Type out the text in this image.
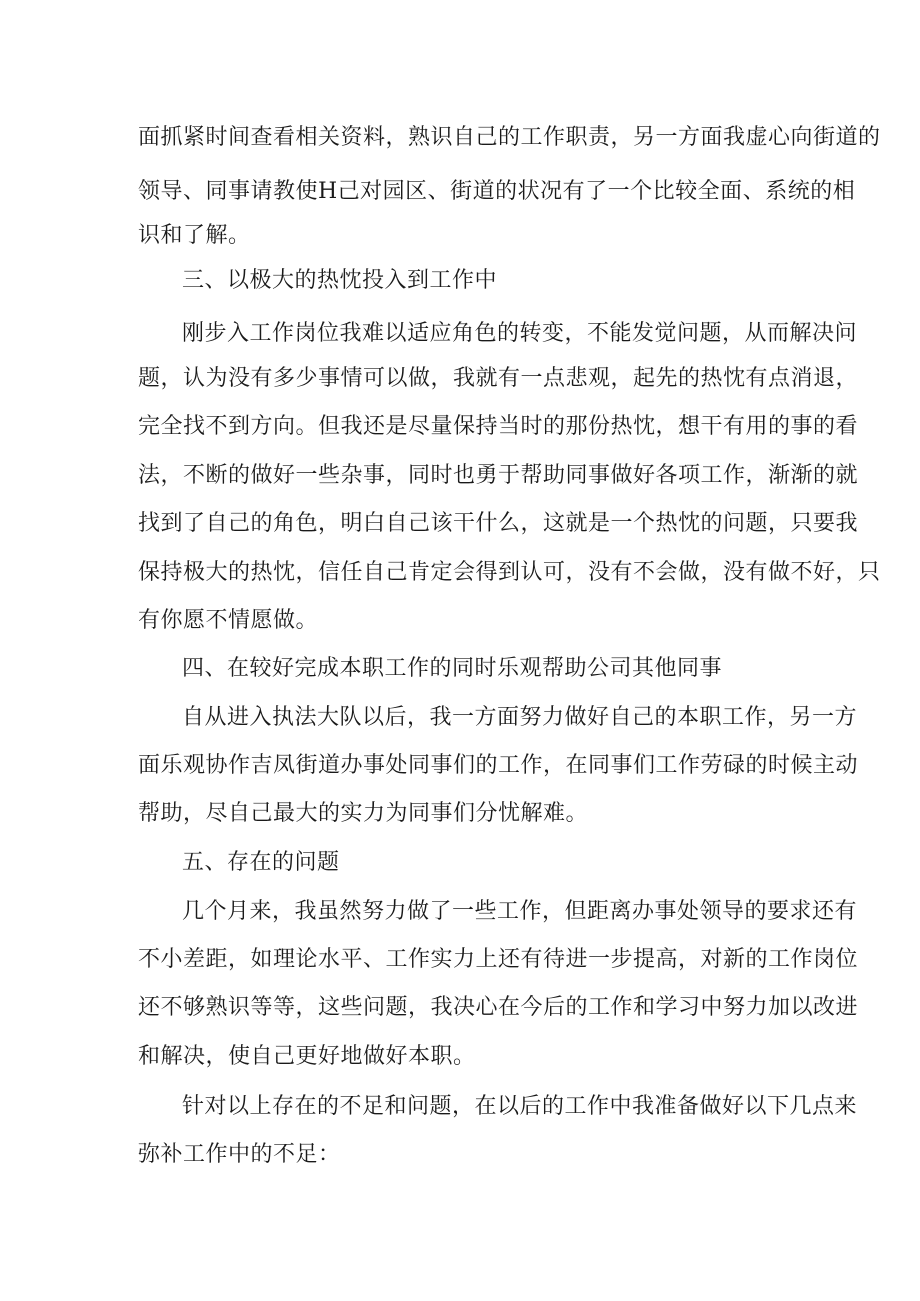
面抓紧时间查看相关资料，熟识自己的工作职责，另一方面我虚心向街道的
领导、同事请教使H己对园区、街道的状况有了一个比较全面、系统的相
识和了解。
三、以极大的热忱投入到工作中
刚步入工作岗位我难以适应角色的转变，不能发觉问题，从而解决问
题，认为没有多少事情可以做，我就有一点悲观，起先的热忱有点消退，
完全找不到方向。但我还是尽量保持当时的那份热忱，想干有用的事的看
法，不断的做好一些杂事，同时也勇于帮助同事做好各项工作，渐渐的就
找到了自己的角色，明白自己该干什么，这就是一个热忱的问题，只要我
保持极大的热忱，信任自己肯定会得到认可，没有不会做，没有做不好，只
有你愿不情愿做。
四、在较好完成本职工作的同时乐观帮助公司其他同事
自从进入执法大队以后，我一方面努力做好自己的本职工作，另一方
面乐观协作吉凤街道办事处同事们的工作，在同事们工作劳碌的时候主动
帮助，尽自己最大的实力为同事们分忧解难。
五、存在的问题
几个月来，我虽然努力做了一些工作，但距离办事处领导的要求还有
不小差距，如理论水平、工作实力上还有待进一步提高，对新的工作岗位
还不够熟识等等，这些问题，我决心在今后的工作和学习中努力加以改进
和解决，使自己更好地做好本职。
针对以上存在的不足和问题，在以后的工作中我准备做好以下几点来
弥补工作中的不足：
